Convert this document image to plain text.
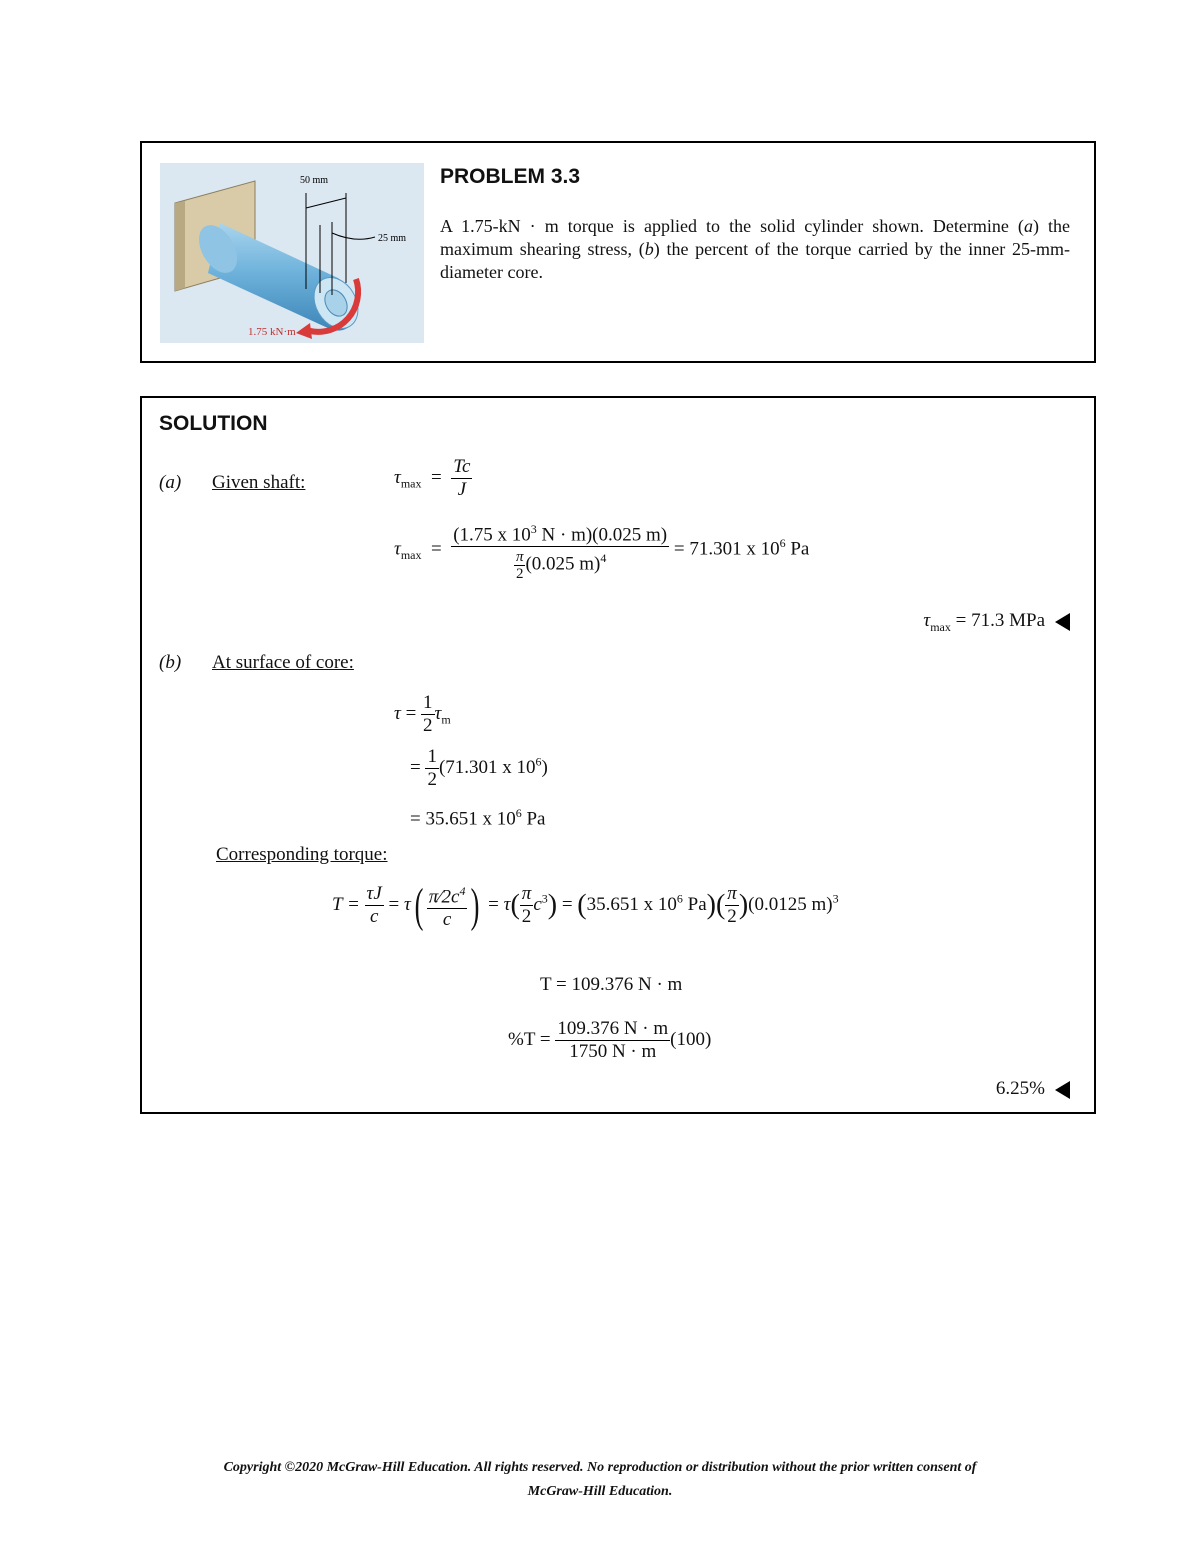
50 mm
25 mm
1.75 kN·m
PROBLEM 3.3
A 1.75-kN · m torque is applied to the solid cylinder shown. Determine (a) the maximum shearing stress, (b) the percent of the torque carried by the inner 25-mm-diameter core.
SOLUTION
(a) Given shaft:	$\tau_{max} = \frac{Tc}{J}$
$\tau_{max} = \frac{(1.75 x 10^3 N \cdot m)(0.025 m)}{\frac{\pi}{2} (0.025 m)^4} = 71.301$ x $10^6$ Pa
$\tau_{max} = 71.3$ MPa
(b) At surface of core:
$\tau = \frac{1}{2} \tau_m$
= $\frac{1}{2} (71.301$ x $10^6$)
= 35.651 x $10^6$ Pa
Corresponding torque:
$T = \frac{\tau J}{c} = \tau( \frac{\pi⁄2c^4}{c}$ ) = $\tau( \frac{\pi}{2} c^3) = (35.651$ x $10^6$ $Pa)( \frac{\pi}{2} )(0.0125$ m)$^3$
T = 109.376 N · m
$\%T = \frac{109.376 N \cdot m}{1750 N \cdot m} (100)$
6.25%
Copyright ©2020 McGraw-Hill Education. All rights reserved. No reproduction or distribution without the prior written consent of
McGraw-Hill Education.
